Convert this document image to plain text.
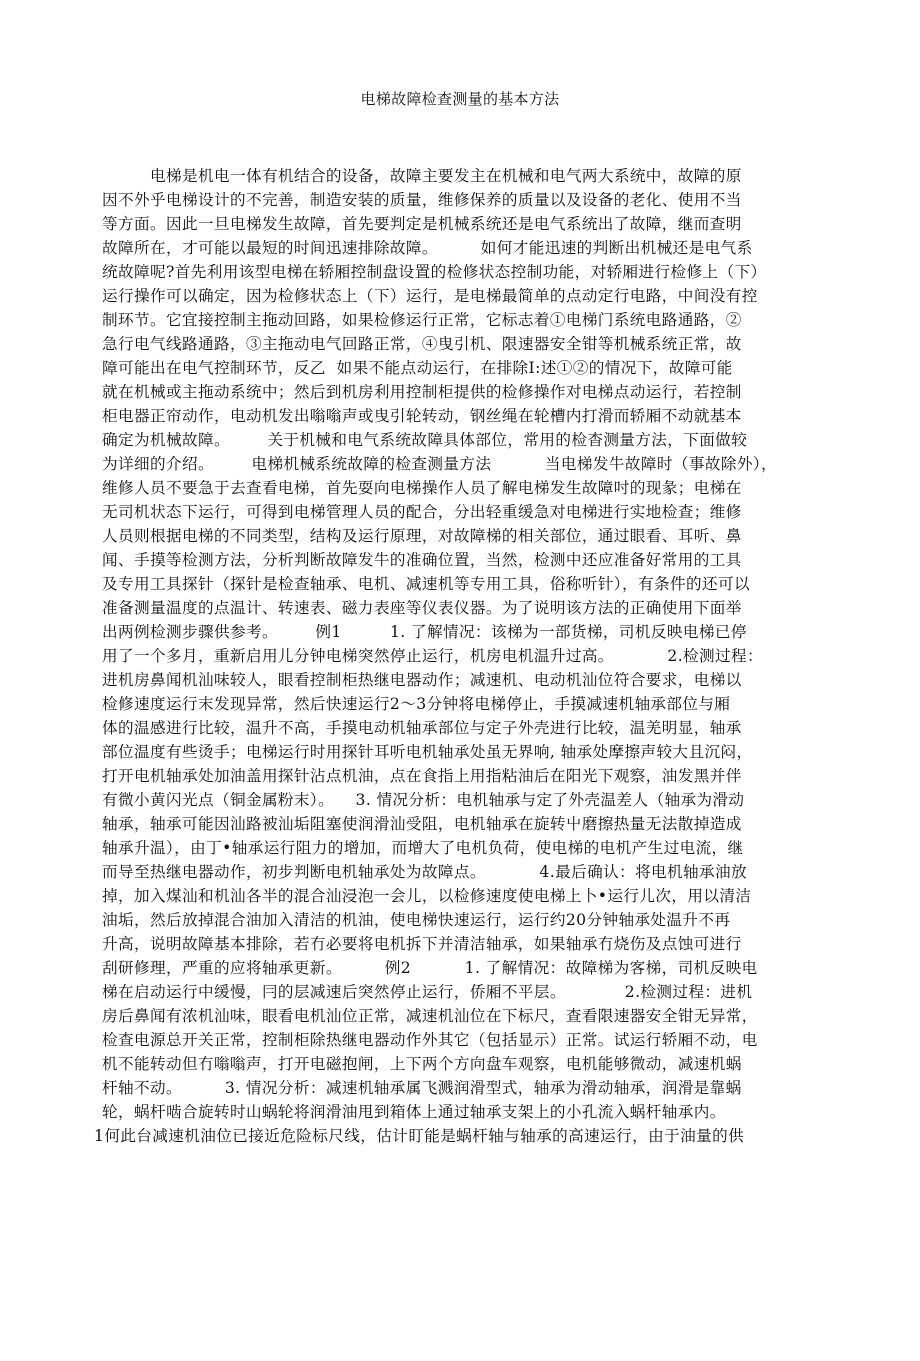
电梯故障检查测量的基本方法
电梯是机电一体有机结合的设备，故障主要发主在机械和电气两大系统中，故障的原
因不外乎电梯设计的不完善，制造安装的质量，维修保养的质量以及设备的老化、使用不当
等方面。因此一旦电梯发生故障，首先要判定是机械系统还是电气系统出了故障，继而查明
故障所在，才可能以最短的时间迅速排除故障。        如何才能迅速的判断出机械还是电气系
统故障呢?首先利用该型电梯在轿厢控制盘设置的检修状态控制功能，对轿厢进行检修上（下）
运行操作可以确定，因为检修状态上（下）运行，是电梯最简单的点动定行电路，中间没有控
制环节。它宜接控制主拖动回路，如果检修运行正常，它标志着①电梯门系统电路通路，②
急行电气线路通路，③主拖动电气回路正常，④曳引机、限速器安全钳等机械系统正常，故
障可能出在电气控制环节，反乙  如果不能点动运行，在排除I:述①②的情况下，故障可能
就在机械或主拖动系统中；然后到机房利用控制柜提供的检修操作对电梯点动运行，若控制
柜电器正帘动作，电动机发出嗡嗡声或曳引轮转动，钢丝绳在轮槽内打滑而轿厢不动就基本
确定为机械故障。       关于机械和电气系统故障具体部位，常用的检杳测量方法，下面做较
为详细的介绍。       电梯机械系统故障的检查测量方法          当电梯发牛故障时（事故除外），
维修人员不要急于去查看电梯，首先耍向电梯操作人员了解电梯发生故障吋的现彖；电梯在
无司机状态下运行，可得到电梯管理人员的配合，分出轻重缓急对电梯进行实地检查；维修
人员则根据电梯的不同类型，结构及运行原理，对故障梯的相关部位，通过眼看、耳听、鼻
闻、手摸等检测方法，分析判断故障发牛的准确位置，当然，检测中还应准备好常用的工具
及专用工具探针（探针是检查轴承、电机、减速机等专用工具，俗称听针），有条件的还可以
准备测量温度的点温计、转速表、磁力表座等仪表仪器。为了说明该方法的正确使用下面举
出两例检测步骤供参考。       例1         1. 了解情况：该梯为一部货梯，司机反映电梯已停
用了一个多月，重新启用儿分钟电梯突然停止运行，机房电机温升过高。          2.检测过程：
进机房鼻闻机汕味较人，眼看控制柜热继电器动作；减速机、电动机汕位符合要求，电梯以
检修速度运行末发现异常，然后快速运行2〜3分钟将电梯停止，手摸减速机轴承部位与厢
体的温感进行比较，温升不高，手摸电动机轴承部位与定子外壳进行比较，温羌明显，轴承
部位温度有些烫手；电梯运行时用探针耳听电机轴承处虽无界响, 轴承处摩擦声较大且沉闷，
打开电机轴承处加油盖用探针沾点机油，点在食指上用指粘油后在阳光下观察，油发黑并伴
有微小黄闪光点（铜金属粉末）。    3. 情况分析：电机轴承与定了外壳温差人（轴承为滑动
轴承，轴承可能因汕路被汕垢阻塞使润滑汕受阻，电机轴承在旋转屮磨擦热量无法散掉造成
轴承升温），由丁•轴承运行阻力的增加，而增大了电机负荷，使电梯的电机产生过电流，继
而导至热继电器动作，初步判断电机轴承处为故障点。          4.最后确认：将电机轴承油放
掉，加入煤汕和机汕各半的混合汕浸泡一会儿，以检修速度使电梯上卜•运行儿次，用以清洁
油垢，然后放掉混合油加入清洁的机油，使电梯快速运行，运行约20分钟轴承处温升不再
升高，说明故障基本排除，若冇必要将电机拆下并清洁轴承，如果轴承冇烧伤及点蚀可进行
刮研修理，严重的应将轴承更新。        例2          1. 了解情况：故障梯为客梯，司机反映电
梯在启动运行中缓慢，冃的层减速后突然停止运行，侨厢不平层。           2.检测过程：进机
房后鼻闻有浓机汕味，眼看电机汕位正常，减速机汕位在下标尺，查看限速器安全钳无异常，
检查电源总开关正常，控制柜除热继电器动作外其它（包括显示）正常。试运行轿厢不动，电
机不能转动但冇嗡嗡声，打开电磁抱闸，上下两个方向盘车观察，电机能够微动，减速机蜗
杆轴不动。        3. 情况分析：减速机轴承属飞溅润滑型式，轴承为滑动轴承，润滑是靠蜗
轮，蜗杆啮合旋转时山蜗轮将润滑油甩到箱体上通过轴承支架上的小孔流入蜗杆轴承内。
1何此台减速机油位已接近危险标尺线，估计盯能是蜗杆轴与轴承的高速运行，由于油量的供
